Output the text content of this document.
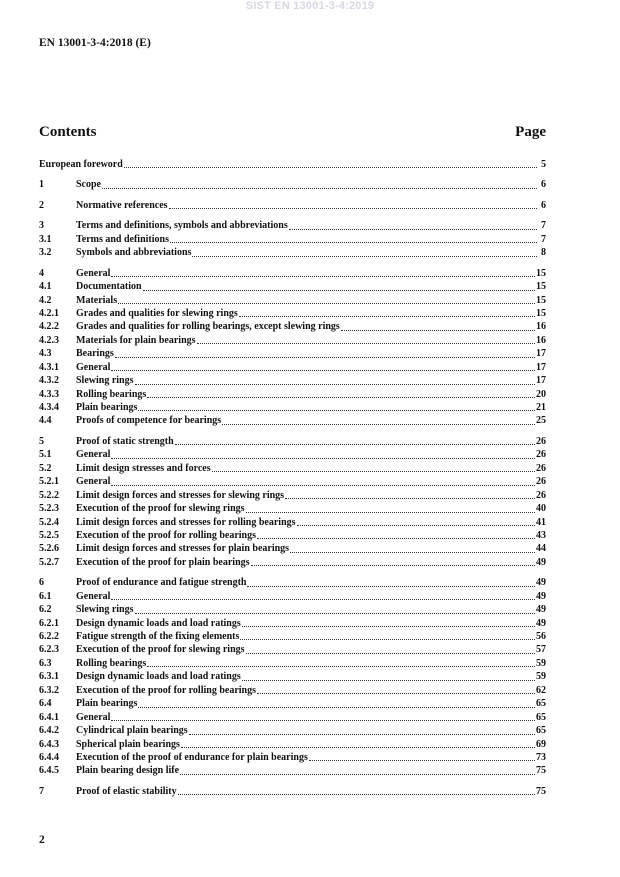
SIST EN 13001-3-4:2019
EN 13001-3-4:2018 (E)
Contents	Page
European foreword	5
1	Scope	6
2	Normative references	6
3	Terms and definitions, symbols and abbreviations	7
3.1	Terms and definitions	7
3.2	Symbols and abbreviations	8
4	General	15
4.1	Documentation	15
4.2	Materials	15
4.2.1	Grades and qualities for slewing rings	15
4.2.2	Grades and qualities for rolling bearings, except slewing rings	16
4.2.3	Materials for plain bearings	16
4.3	Bearings	17
4.3.1	General	17
4.3.2	Slewing rings	17
4.3.3	Rolling bearings	20
4.3.4	Plain bearings	21
4.4	Proofs of competence for bearings	25
5	Proof of static strength	26
5.1	General	26
5.2	Limit design stresses and forces	26
5.2.1	General	26
5.2.2	Limit design forces and stresses for slewing rings	26
5.2.3	Execution of the proof for slewing rings	40
5.2.4	Limit design forces and stresses for rolling bearings	41
5.2.5	Execution of the proof for rolling bearings	43
5.2.6	Limit design forces and stresses for plain bearings	44
5.2.7	Execution of the proof for plain bearings	49
6	Proof of endurance and fatigue strength	49
6.1	General	49
6.2	Slewing rings	49
6.2.1	Design dynamic loads and load ratings	49
6.2.2	Fatigue strength of the fixing elements	56
6.2.3	Execution of the proof for slewing rings	57
6.3	Rolling bearings	59
6.3.1	Design dynamic loads and load ratings	59
6.3.2	Execution of the proof for rolling bearings	62
6.4	Plain bearings	65
6.4.1	General	65
6.4.2	Cylindrical plain bearings	65
6.4.3	Spherical plain bearings	69
6.4.4	Execution of the proof of endurance for plain bearings	73
6.4.5	Plain bearing design life	75
7	Proof of elastic stability	75
2
